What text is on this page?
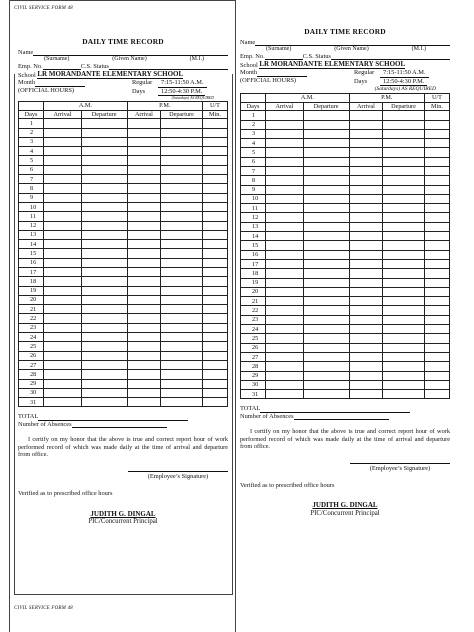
CIVIL SERVICE FORM 48
CIVIL SERVICE FORM 48
DAILY TIME RECORD
Name
(Surname)	(Given Name)	(M.I.)
Emp. No.	C.S. Status
School
LR MORANDANTE ELEMENTARY SCHOOL
Month
(OFFICIAL HOURS)
Regular	7:15-11:50 A.M.
Days	12:50-4:30 P.M.
(Saturdays) AS REQUIRED
	A.M.		P.M.		U/T
Days	Arrival	Departure	Arrival	Departure	Min.
1					
2					
3					
4					
5					
6					
7					
8					
9					
10					
11					
12					
13					
14					
15					
16					
17					
18					
19					
20					
21					
22					
23					
24					
25					
26					
27					
28					
29					
30					
31					
TOTAL
Number of Absences
I certify on my honor that the above is true and correct report hour of work performed record of which was made daily at the time of arrival and departure from office.
(Employee’s Signature)
Verified as to prescribed office hours
JUDITH G. DINGAL
PIC/Concurrent Principal
DAILY TIME RECORD
Name
(Surname)	(Given Name)	(M.I.)
Emp. No.	C.S. Status
School
LR MORANDANTE ELEMENTARY SCHOOL
Month
(OFFICIAL HOURS)
Regular	7:15-11:50 A.M.
Days	12:50-4:30 P.M.
(Saturdays) AS REQUIRED
	A.M.		P.M.		U/T
Days	Arrival	Departure	Arrival	Departure	Min.
1					
2					
3					
4					
5					
6					
7					
8					
9					
10					
11					
12					
13					
14					
15					
16					
17					
18					
19					
20					
21					
22					
23					
24					
25					
26					
27					
28					
29					
30					
31					
TOTAL
Number of Absences
I certify on my honor that the above is true and correct report hour of work performed record of which was made daily at the time of arrival and departure from office.
(Employee’s Signature)
Verified as to prescribed office hours
JUDITH G. DINGAL
PIC/Concurrent Principal
